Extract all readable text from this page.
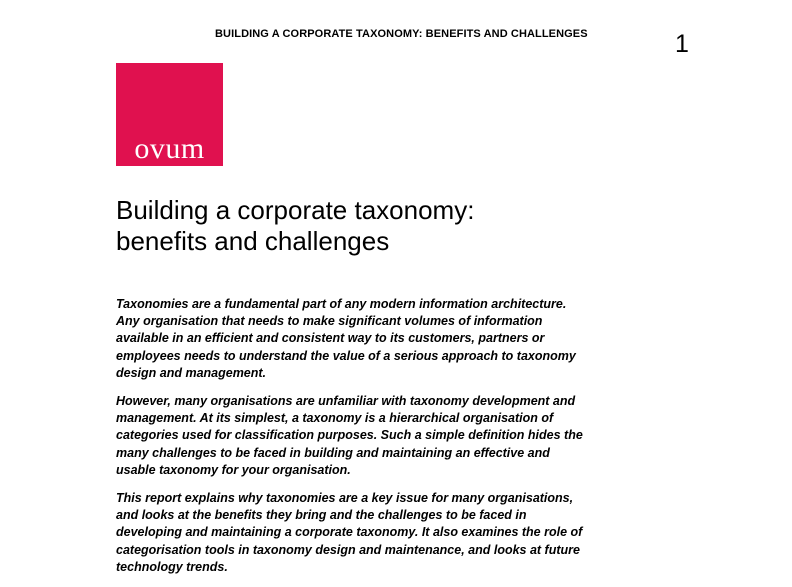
BUILDING A CORPORATE TAXONOMY: BENEFITS AND CHALLENGES	1
ovum
Building a corporate taxonomy:
benefits and challenges

Taxonomies are a fundamental part of any modern information architecture.
Any organisation that needs to make significant volumes of information
available in an efficient and consistent way to its customers, partners or
employees needs to understand the value of a serious approach to taxonomy
design and management.

However, many organisations are unfamiliar with taxonomy development and
management. At its simplest, a taxonomy is a hierarchical organisation of
categories used for classification purposes. Such a simple definition hides the
many challenges to be faced in building and maintaining an effective and
usable taxonomy for your organisation.

This report explains why taxonomies are a key issue for many organisations,
and looks at the benefits they bring and the challenges to be faced in
developing and maintaining a corporate taxonomy. It also examines the role of
categorisation tools in taxonomy design and maintenance, and looks at future
technology trends.
